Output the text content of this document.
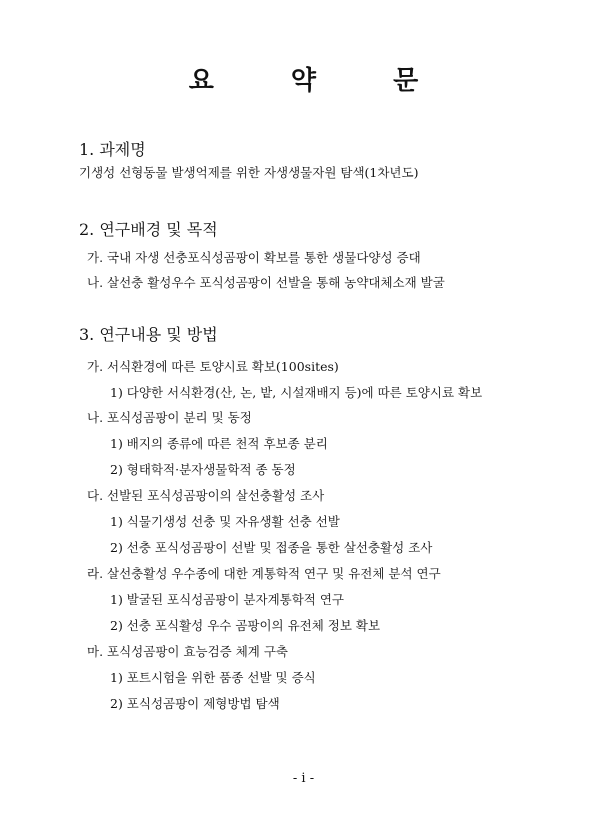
요 약 문
1. 과제명
기생성 선형동물 발생억제를 위한 자생생물자원 탐색(1차년도)
2. 연구배경 및 목적
가. 국내 자생 선충포식성곰팡이 확보를 통한 생물다양성 증대
나. 살선충 활성우수 포식성곰팡이 선발을 통해 농약대체소재 발굴
3. 연구내용 및 방법
가. 서식환경에 따른 토양시료 확보(100sites)
1) 다양한 서식환경(산, 논, 밭, 시설재배지 등)에 따른 토양시료 확보
나. 포식성곰팡이 분리 및 동정
1) 배지의 종류에 따른 천적 후보종 분리
2) 형태학적·분자생물학적 종 동정
다. 선발된 포식성곰팡이의 살선충활성 조사
1) 식물기생성 선충 및 자유생활 선충 선발
2) 선충 포식성곰팡이 선발 및 접종을 통한 살선충활성 조사
라. 살선충활성 우수종에 대한 계통학적 연구 및 유전체 분석 연구
1) 발굴된 포식성곰팡이 분자계통학적 연구
2) 선충 포식활성 우수 곰팡이의 유전체 정보 확보
마. 포식성곰팡이 효능검증 체계 구축
1) 포트시험을 위한 품종 선발 및 증식
2) 포식성곰팡이 제형방법 탐색
- i -
